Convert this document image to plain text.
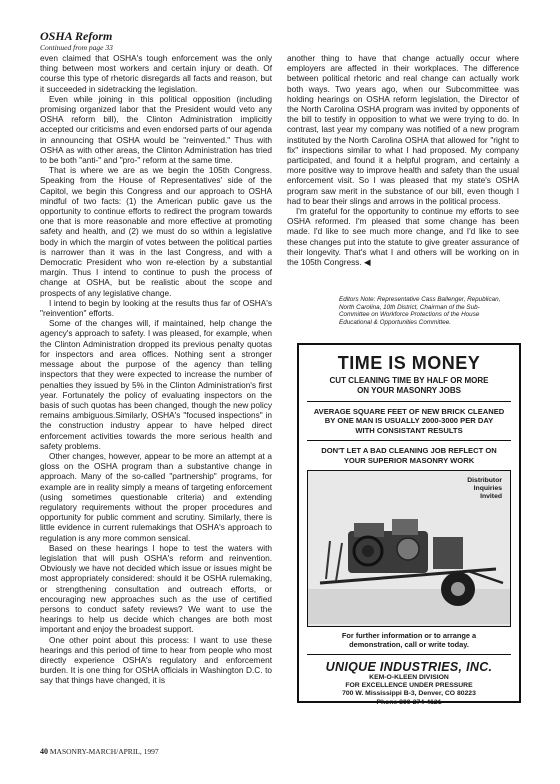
OSHA Reform
Continued from page 33

even claimed that OSHA's tough enforcement was the only thing between most workers and certain injury or death. Of course this type of rhetoric disregards all facts and reason, but it succeeded in sidetracking the legislation.

Even while joining in this political opposition (including promising organized labor that the President would veto any OSHA reform bill), the Clinton Administration implicitly accepted our criticisms and even endorsed parts of our agenda in announcing that OSHA would be "reinvented." Thus with OSHA as with other areas, the Clinton Administration has tried to be both "anti-" and "pro-" reform at the same time.

That is where we are as we begin the 105th Congress. Speaking from the House of Representatives' side of the Capitol, we begin this Congress and our approach to OSHA mindful of two facts: (1) the American public gave us the opportunity to continue efforts to redirect the program towards one that is more reasonable and more effective at promoting safety and health, and (2) we must do so within a legislative body in which the margin of votes between the political parties is narrower than it was in the last Congress, and with a Democratic President who won re-election by a substantial margin. Thus I intend to continue to push the process of change at OSHA, but be realistic about the scope and prospects of any legislative change.

I intend to begin by looking at the results thus far of OSHA's "reinvention" efforts.

Some of the changes will, if maintained, help change the agency's approach to safety. I was pleased, for example, when the Clinton Administration dropped its previous penalty quotas for inspectors and area offices. Nothing sent a stronger message about the purpose of the agency than telling inspectors that they were expected to increase the number of penalties they issued by 5% in the Clinton Administration's first year. Fortunately the policy of evaluating inspectors on the basis of such quotas has been changed, though the new policy remains ambiguous.Similarly, OSHA's "focused inspections" in the construction industry appear to have helped direct enforcement activities towards the more serious health and safety problems.

Other changes, however, appear to be more an attempt at a gloss on the OSHA program than a substantive change in approach. Many of the so-called "partnership" programs, for example are in reality simply a means of targeting enforcement (using sometimes questionable criteria) and extending regulatory requirements without the proper procedures and opportunity for public comment and scrutiny. Similarly, there is little evidence in current rulemakings that OSHA's approach to regulation is any more common sensical.

Based on these hearings I hope to test the waters with legislation that will push OSHA's reform and reinvention. Obviously we have not decided which issue or issues might be most appropriately considered: should it be OSHA rulemaking, or strengthening consultation and outreach efforts, or encouraging new approaches such as the use of certified persons to conduct safety reviews? We want to use the hearings to help us decide which changes are both most important and enjoy the broadest support.

One other point about this process: I want to use these hearings and this period of time to hear from people who most directly experience OSHA's regulatory and enforcement burden. It is one thing for OSHA officials in Washington D.C. to say that things have changed, it is

another thing to have that change actually occur where employers are affected in their workplaces. The difference between political rhetoric and real change can actually work both ways. Two years ago, when our Subcommittee was holding hearings on OSHA reform legislation, the Director of the North Carolina OSHA program was invited by opponents of the bill to testify in opposition to what we were trying to do. In contrast, last year my company was notified of a new program instituted by the North Carolina OSHA that allowed for "right to fix" inspections similar to what I had proposed. My company participated, and found it a helpful program, and certainly a more positive way to improve health and safety than the usual enforcement visit. So I was pleased that my state's OSHA program saw merit in the substance of our bill, even though I had to bear their slings and arrows in the political process.

I'm grateful for the opportunity to continue my efforts to see OSHA reformed. I'm pleased that some change has been made. I'd like to see much more change, and I'd like to see these changes put into the statute to give greater assurance of their longevity. That's what I and others will be working on in the 105th Congress. ◀

Editors Note: Representative Cass Ballenger, Republican, North Carolina, 10th District, Chairman of the Sub-Committee on Workforce Protections of the House Educational & Opportunities Committee.
TIME IS MONEY
CUT CLEANING TIME BY HALF OR MORE
ON YOUR MASONRY JOBS
AVERAGE SQUARE FEET OF NEW BRICK CLEANED
BY ONE MAN IS USUALLY 2000-3000 PER DAY
WITH CONSISTANT RESULTS
DON'T LET A BAD CLEANING JOB REFLECT ON
YOUR SUPERIOR MASONRY WORK
Distributor
Inquiries
Invited
For further information or to arrange a
demonstration, call or write today.
UNIQUE INDUSTRIES, INC.
KEM-O-KLEEN DIVISION
FOR EXCELLENCE UNDER PRESSURE
700 W. Mississippi B-3, Denver, CO 80223
Phone 800-274-4121
40 MASONRY-MARCH/APRIL, 1997
